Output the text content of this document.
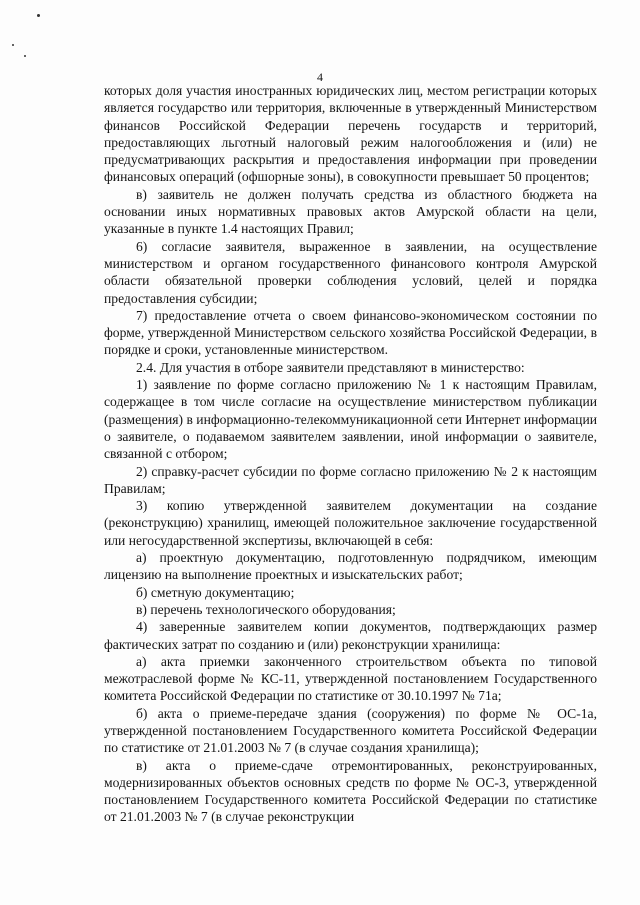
4

которых доля участия иностранных юридических лиц, местом регистрации которых является государство или территория, включенные в утвержденный Министерством финансов Российской Федерации перечень государств и территорий, предоставляющих льготный налоговый режим налогообложения и (или) не предусматривающих раскрытия и предоставления информации при проведении финансовых операций (офшорные зоны), в совокупности превышает 50 процентов;

в) заявитель не должен получать средства из областного бюджета на основании иных нормативных правовых актов Амурской области на цели, указанные в пункте 1.4 настоящих Правил;

6) согласие заявителя, выраженное в заявлении, на осуществление министерством и органом государственного финансового контроля Амурской области обязательной проверки соблюдения условий, целей и порядка предоставления субсидии;

7) предоставление отчета о своем финансово-экономическом состоянии по форме, утвержденной Министерством сельского хозяйства Российской Федерации, в порядке и сроки, установленные министерством.

2.4. Для участия в отборе заявители представляют в министерство:

1) заявление по форме согласно приложению № 1 к настоящим Правилам, содержащее в том числе согласие на осуществление министерством публикации (размещения) в информационно-телекоммуникационной сети Интернет информации о заявителе, о подаваемом заявителем заявлении, иной информации о заявителе, связанной с отбором;

2) справку-расчет субсидии по форме согласно приложению № 2 к настоящим Правилам;

3) копию утвержденной заявителем документации на создание (реконструкцию) хранилищ, имеющей положительное заключение государственной или негосударственной экспертизы, включающей в себя:

а) проектную документацию, подготовленную подрядчиком, имеющим лицензию на выполнение проектных и изыскательских работ;

б) сметную документацию;

в) перечень технологического оборудования;

4) заверенные заявителем копии документов, подтверждающих размер фактических затрат по созданию и (или) реконструкции хранилища:

а) акта приемки законченного строительством объекта по типовой межотраслевой форме № КС-11, утвержденной постановлением Государственного комитета Российской Федерации по статистике от 30.10.1997 № 71а;

б) акта о приеме-передаче здания (сооружения) по форме № ОС-1а, утвержденной постановлением Государственного комитета Российской Федерации по статистике от 21.01.2003 № 7 (в случае создания хранилища);

в) акта о приеме-сдаче отремонтированных, реконструированных, модернизированных объектов основных средств по форме № ОС-3, утвержденной постановлением Государственного комитета Российской Федерации по статистике от 21.01.2003 № 7 (в случае реконструкции
